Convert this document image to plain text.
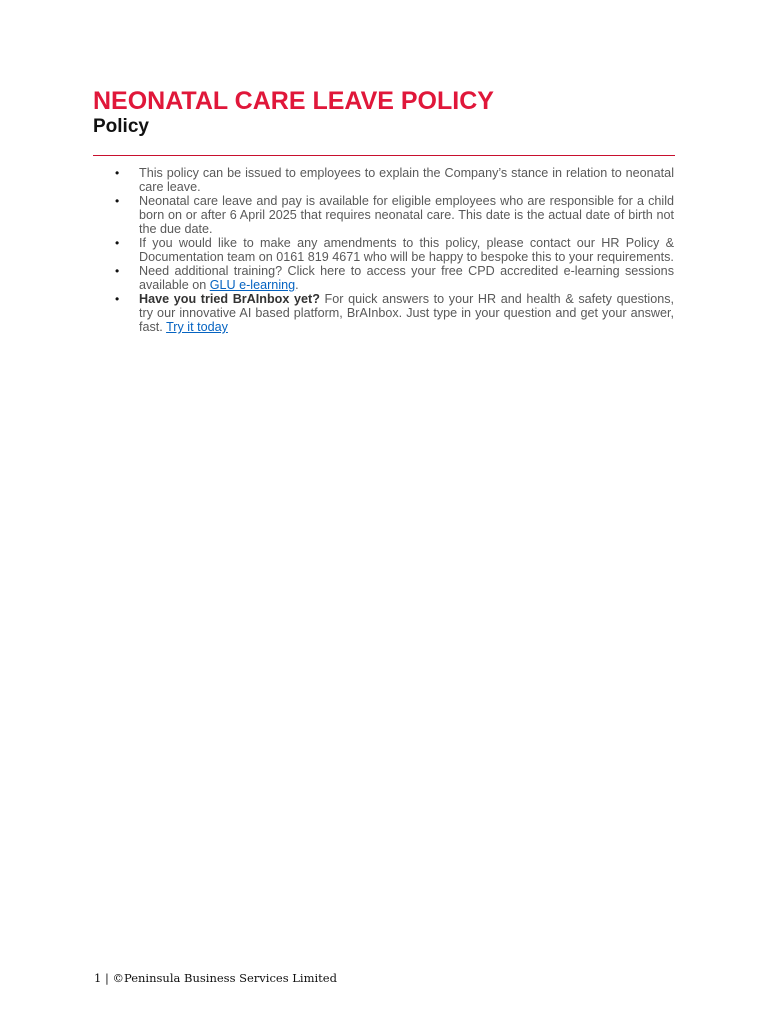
NEONATAL CARE LEAVE POLICY
Policy
• This policy can be issued to employees to explain the Company’s stance in relation to neonatal care leave.
• Neonatal care leave and pay is available for eligible employees who are responsible for a child born on or after 6 April 2025 that requires neonatal care. This date is the actual date of birth not the due date.
• If you would like to make any amendments to this policy, please contact our HR Policy & Documentation team on 0161 819 4671 who will be happy to bespoke this to your requirements.
• Need additional training? Click here to access your free CPD accredited e-learning sessions available on GLU e-learning.
• Have you tried BrAInbox yet? For quick answers to your HR and health & safety questions, try our innovative AI based platform, BrAInbox. Just type in your question and get your answer, fast. Try it today
1 | ©Peninsula Business Services Limited
